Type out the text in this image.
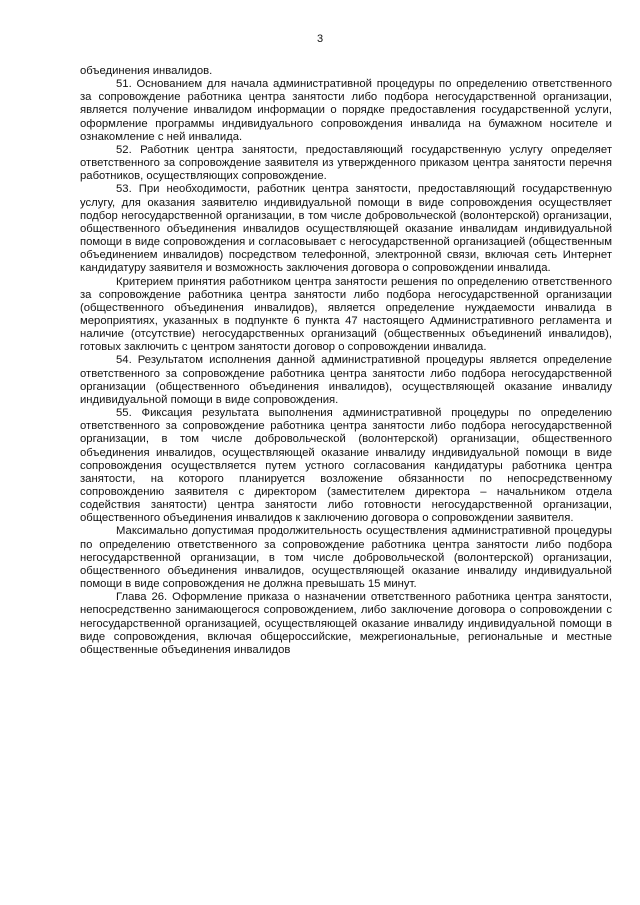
3

объединения инвалидов.

51. Основанием для начала административной процедуры по определению ответственного за сопровождение работника центра занятости либо подбора негосударственной организации, является получение инвалидом информации о порядке предоставления государственной услуги, оформление программы индивидуального сопровождения инвалида на бумажном носителе и ознакомление с ней инвалида.

52. Работник центра занятости, предоставляющий государственную услугу определяет ответственного за сопровождение заявителя из утвержденного приказом центра занятости перечня работников, осуществляющих сопровождение.

53. При необходимости, работник центра занятости, предоставляющий государственную услугу, для оказания заявителю индивидуальной помощи в виде сопровождения осуществляет подбор негосударственной организации, в том числе добровольческой (волонтерской) организации, общественного объединения инвалидов осуществляющей оказание инвалидам индивидуальной помощи в виде сопровождения и согласовывает с негосударственной организацией (общественным объединением инвалидов) посредством телефонной, электронной связи, включая сеть Интернет кандидатуру заявителя и возможность заключения договора о сопровождении инвалида.

Критерием принятия работником центра занятости решения по определению ответственного за сопровождение работника центра занятости либо подбора негосударственной организации (общественного объединения инвалидов), является определение нуждаемости инвалида в мероприятиях, указанных в подпункте 6 пункта 47 настоящего Административного регламента и наличие (отсутствие) негосударственных организаций (общественных объединений инвалидов), готовых заключить с центром занятости договор о сопровождении инвалида.

54. Результатом исполнения данной административной процедуры является определение ответственного за сопровождение работника центра занятости либо подбора негосударственной организации (общественного объединения инвалидов), осуществляющей оказание инвалиду индивидуальной помощи в виде сопровождения.

55. Фиксация результата выполнения административной процедуры по определению ответственного за сопровождение работника центра занятости либо подбора негосударственной организации, в том числе добровольческой (волонтерской) организации, общественного объединения инвалидов, осуществляющей оказание инвалиду индивидуальной помощи в виде сопровождения осуществляется путем устного согласования кандидатуры работника центра занятости, на которого планируется возложение обязанности по непосредственному сопровождению заявителя с директором (заместителем директора – начальником отдела содействия занятости) центра занятости либо готовности негосударственной организации, общественного объединения инвалидов к заключению договора о сопровождении заявителя.

Максимально допустимая продолжительность осуществления административной процедуры по определению ответственного за сопровождение работника центра занятости либо подбора негосударственной организации, в том числе добровольческой (волонтерской) организации, общественного объединения инвалидов, осуществляющей оказание инвалиду индивидуальной помощи в виде сопровождения не должна превышать 15 минут.

Глава 26. Оформление приказа о назначении ответственного работника центра занятости, непосредственно занимающегося сопровождением, либо заключение договора о сопровождении с негосударственной организацией, осуществляющей оказание инвалиду индивидуальной помощи в виде сопровождения, включая общероссийские, межрегиональные, региональные и местные общественные объединения инвалидов
